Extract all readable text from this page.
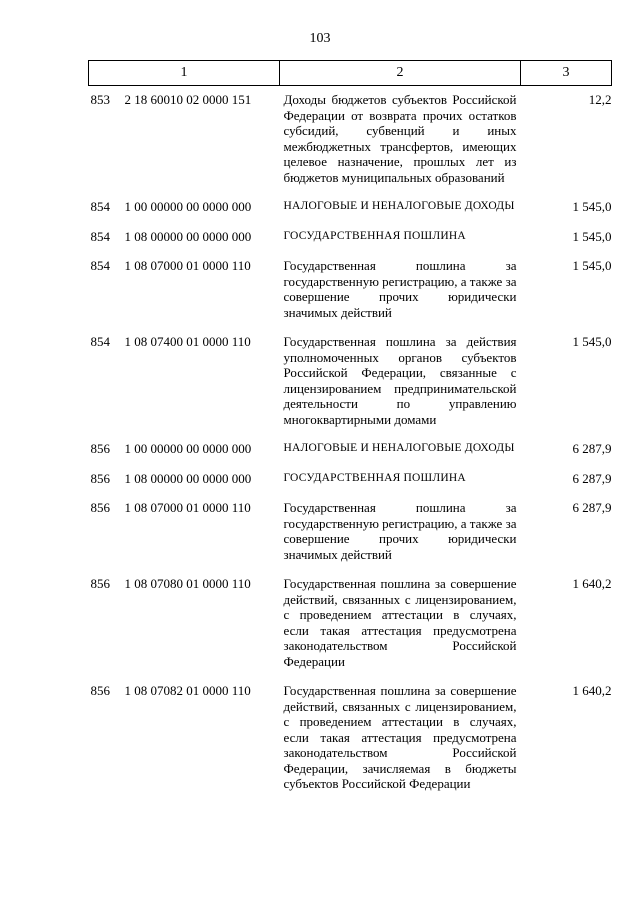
103
1	2	3
853 2 18 60010 02 0000 151	Доходы бюджетов субъектов Российской Федерации от возврата прочих остатков субсидий, субвенций и иных межбюджетных трансфертов, имеющих целевое назначение, прошлых лет из бюджетов муниципальных образований	12,2
854 1 00 00000 00 0000 000	НАЛОГОВЫЕ И НЕНАЛОГОВЫЕ ДОХОДЫ	1 545,0
854 1 08 00000 00 0000 000	ГОСУДАРСТВЕННАЯ ПОШЛИНА	1 545,0
854 1 08 07000 01 0000 110	Государственная пошлина за государственную регистрацию, а также за совершение прочих юридически значимых действий	1 545,0
854 1 08 07400 01 0000 110	Государственная пошлина за действия уполномоченных органов субъектов Российской Федерации, связанные с лицензированием предпринимательской деятельности по управлению многоквартирными домами	1 545,0
856 1 00 00000 00 0000 000	НАЛОГОВЫЕ И НЕНАЛОГОВЫЕ ДОХОДЫ	6 287,9
856 1 08 00000 00 0000 000	ГОСУДАРСТВЕННАЯ ПОШЛИНА	6 287,9
856 1 08 07000 01 0000 110	Государственная пошлина за государственную регистрацию, а также за совершение прочих юридически значимых действий	6 287,9
856 1 08 07080 01 0000 110	Государственная пошлина за совершение действий, связанных с лицензированием, с проведением аттестации в случаях, если такая аттестация предусмотрена законодательством Российской Федерации	1 640,2
856 1 08 07082 01 0000 110	Государственная пошлина за совершение действий, связанных с лицензированием, с проведением аттестации в случаях, если такая аттестация предусмотрена законодательством Российской Федерации, зачисляемая в бюджеты субъектов Российской Федерации	1 640,2
